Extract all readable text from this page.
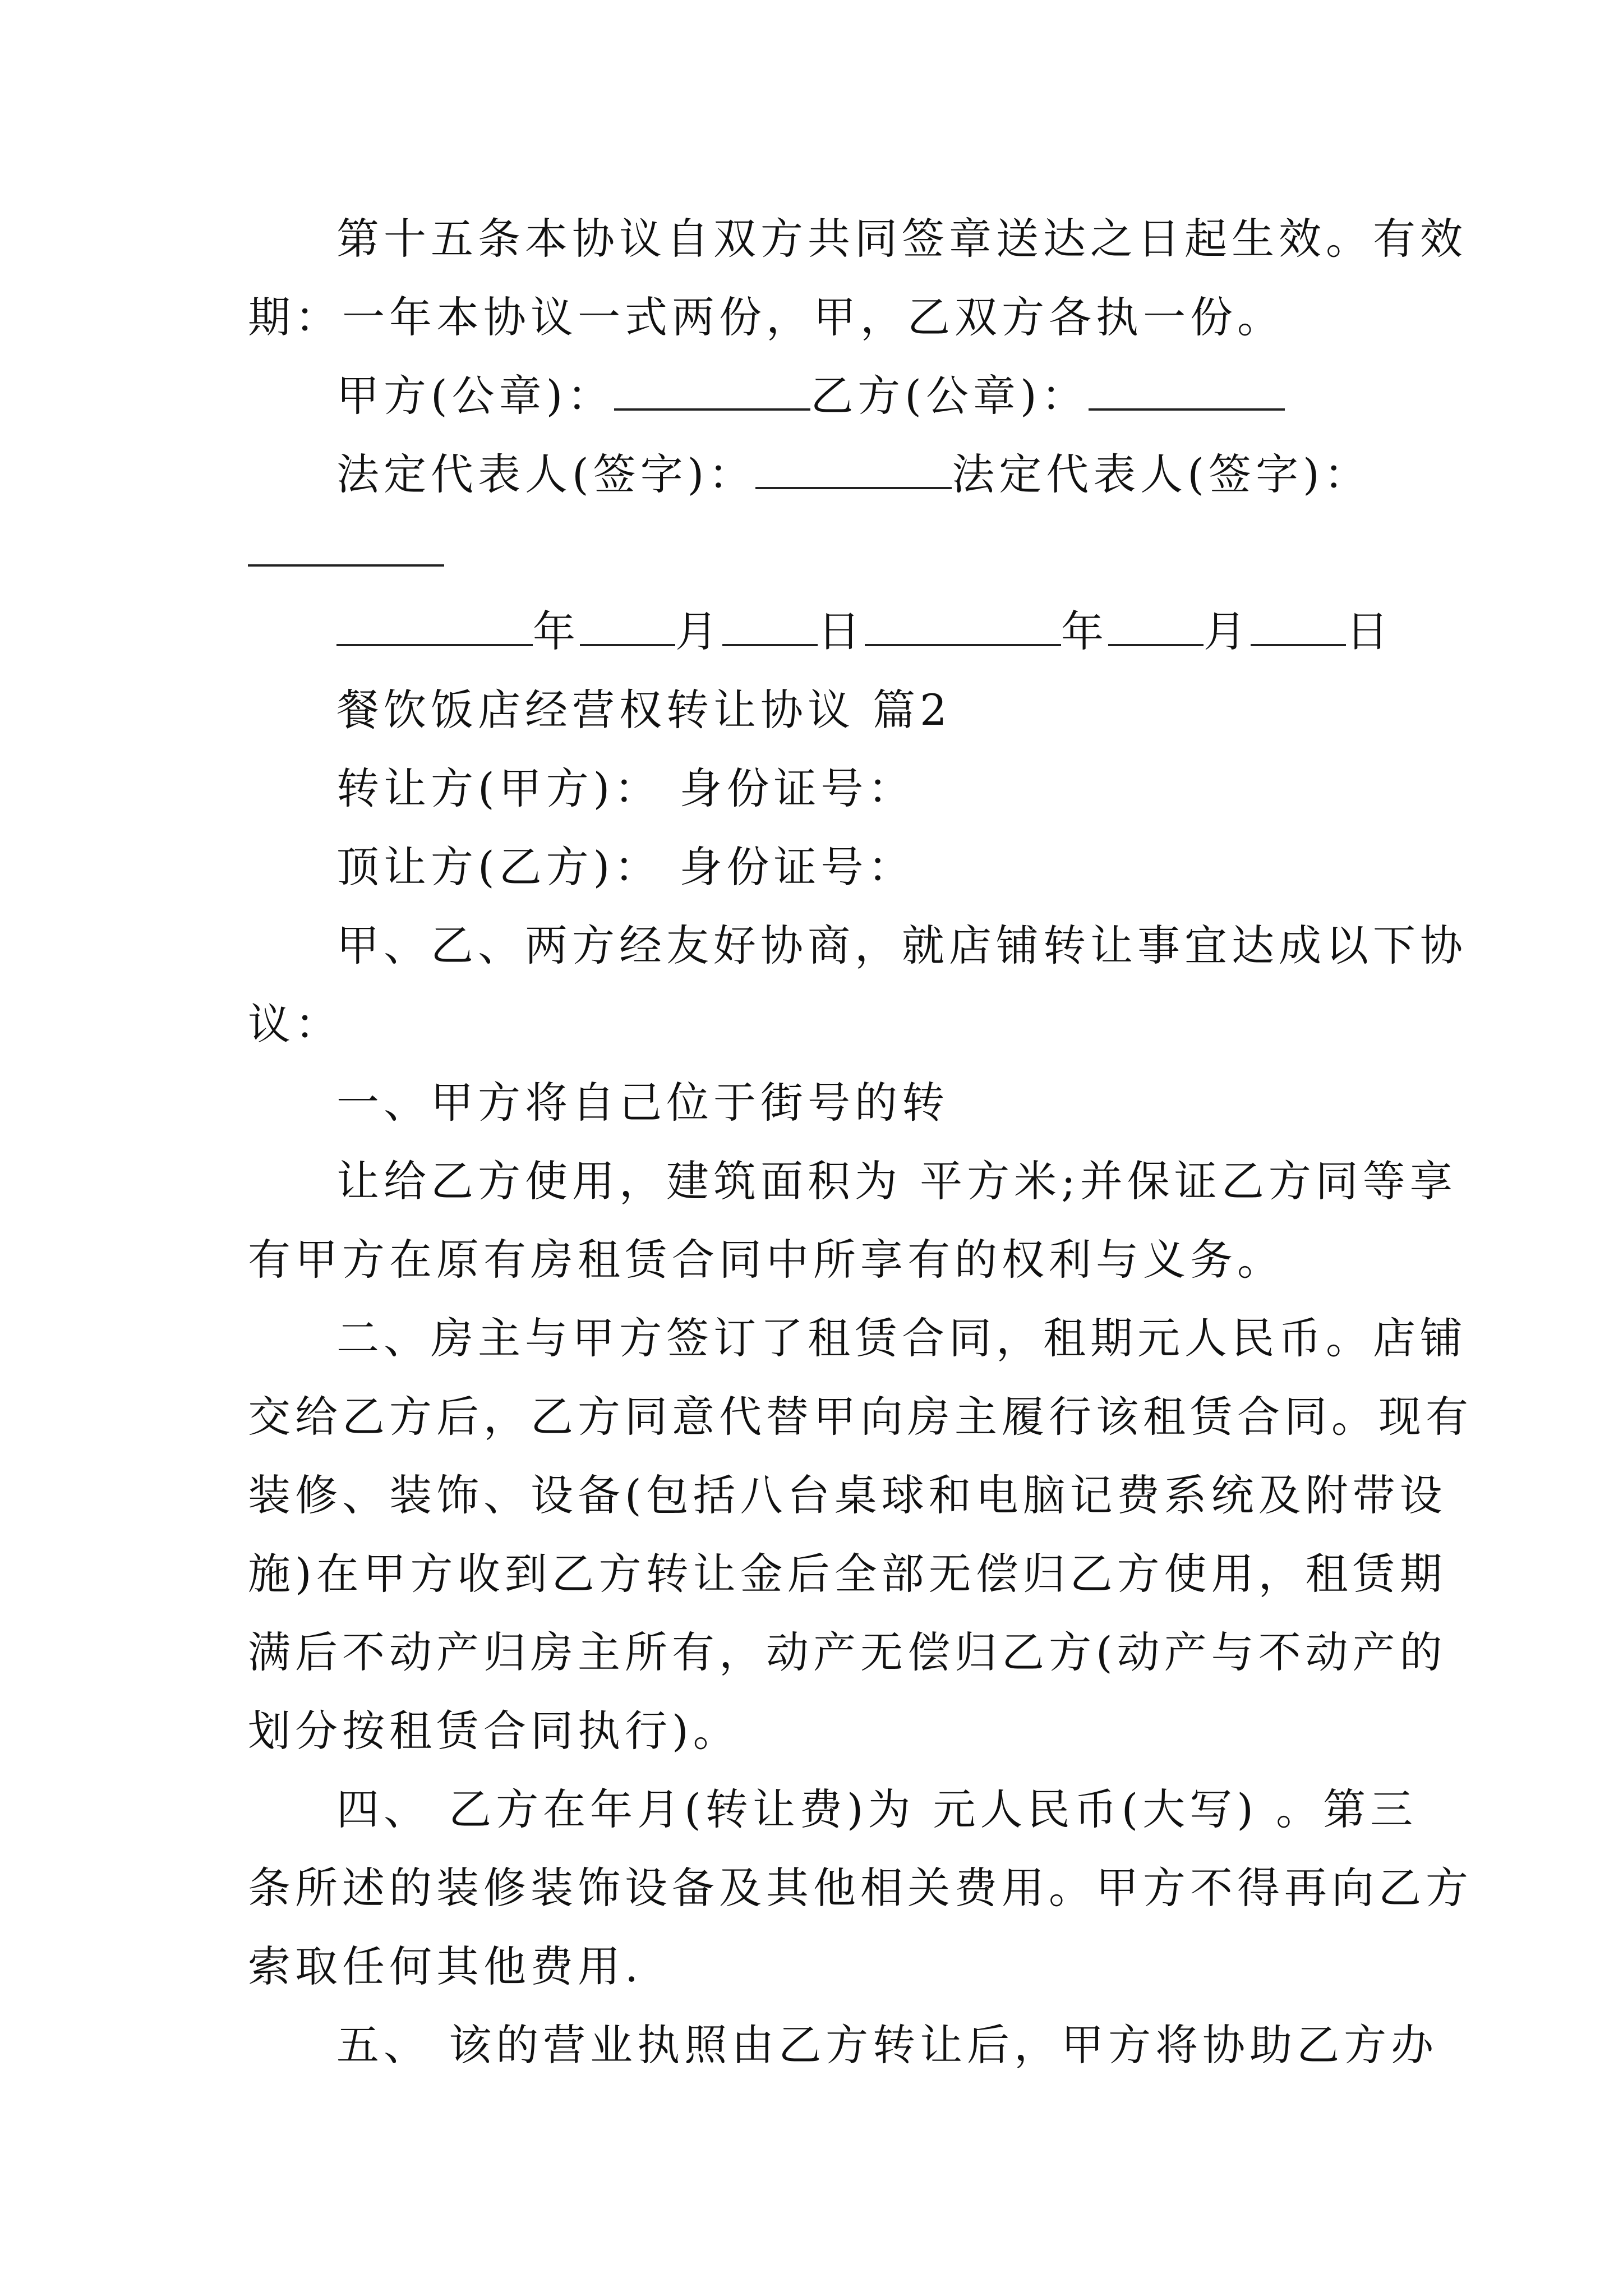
第十五条本协议自双方共同签章送达之日起生效。有效

期：一年本协议一式两份，甲，乙双方各执一份。

甲方(公章)：	乙方(公章)：

法定代表人(签字)：	法定代表人(签字)：

年 月 日	年 月 日

餐饮饭店经营权转让协议 篇2

转让方(甲方)： 身份证号：

顶让方(乙方)： 身份证号：

甲、乙、两方经友好协商，就店铺转让事宜达成以下协

议：

一、甲方将自己位于街号的转

让给乙方使用，建筑面积为 平方米;并保证乙方同等享

有甲方在原有房租赁合同中所享有的权利与义务。

二、房主与甲方签订了租赁合同，租期元人民币。店铺

交给乙方后，乙方同意代替甲向房主履行该租赁合同。现有

装修、装饰、设备(包括八台桌球和电脑记费系统及附带设

施)在甲方收到乙方转让金后全部无偿归乙方使用，租赁期

满后不动产归房主所有，动产无偿归乙方(动产与不动产的

划分按租赁合同执行)。

四、 乙方在年月(转让费)为 元人民币(大写) 。第三

条所述的装修装饰设备及其他相关费用。甲方不得再向乙方

索取任何其他费用.

五、 该的营业执照由乙方转让后，甲方将协助乙方办
